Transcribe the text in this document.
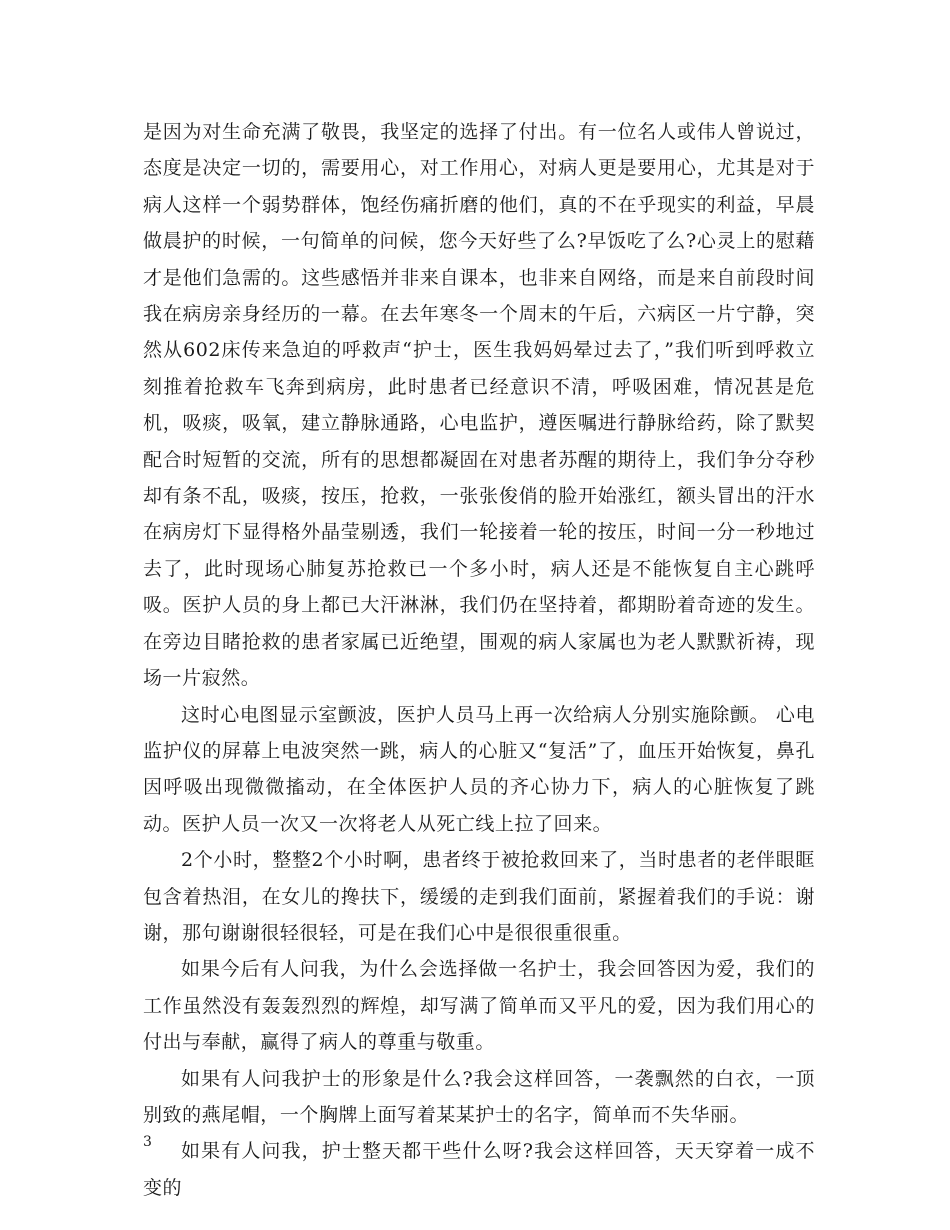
是因为对生命充满了敬畏，我坚定的选择了付出。有一位名人或伟人曾说过，态度是决定一切的，需要用心，对工作用心，对病人更是要用心，尤其是对于病人这样一个弱势群体，饱经伤痛折磨的他们，真的不在乎现实的利益，早晨做晨护的时候，一句简单的问候，您今天好些了么?早饭吃了么?心灵上的慰藉才是他们急需的。这些感悟并非来自课本，也非来自网络，而是来自前段时间我在病房亲身经历的一幕。在去年寒冬一个周末的午后，六病区一片宁静，突然从602床传来急迫的呼救声“护士，医生我妈妈晕过去了，”我们听到呼救立刻推着抢救车飞奔到病房，此时患者已经意识不清，呼吸困难，情况甚是危机，吸痰，吸氧，建立静脉通路，心电监护，遵医嘱进行静脉给药，除了默契配合时短暂的交流，所有的思想都凝固在对患者苏醒的期待上，我们争分夺秒却有条不乱，吸痰，按压，抢救，一张张俊俏的脸开始涨红，额头冒出的汗水在病房灯下显得格外晶莹剔透，我们一轮接着一轮的按压，时间一分一秒地过去了，此时现场心肺复苏抢救已一个多小时，病人还是不能恢复自主心跳呼吸。医护人员的身上都已大汗淋淋，我们仍在坚持着，都期盼着奇迹的发生。在旁边目睹抢救的患者家属已近绝望，围观的病人家属也为老人默默祈祷，现场一片寂然。

这时心电图显示室颤波，医护人员马上再一次给病人分别实施除颤。 心电监护仪的屏幕上电波突然一跳，病人的心脏又“复活”了，血压开始恢复，鼻孔因呼吸出现微微搐动，在全体医护人员的齐心协力下，病人的心脏恢复了跳动。医护人员一次又一次将老人从死亡线上拉了回来。

2个小时，整整2个小时啊，患者终于被抢救回来了，当时患者的老伴眼眶包含着热泪，在女儿的搀扶下，缓缓的走到我们面前，紧握着我们的手说：谢谢，那句谢谢很轻很轻，可是在我们心中是很很重很重。

如果今后有人问我，为什么会选择做一名护士，我会回答因为爱，我们的工作虽然没有轰轰烈烈的辉煌，却写满了简单而又平凡的爱，因为我们用心的付出与奉献，赢得了病人的尊重与敬重。

如果有人问我护士的形象是什么?我会这样回答，一袭飘然的白衣，一顶别致的燕尾帽，一个胸牌上面写着某某护士的名字，简单而不失华丽。

如果有人问我，护士整天都干些什么呀?我会这样回答，天天穿着一成不变的

3
